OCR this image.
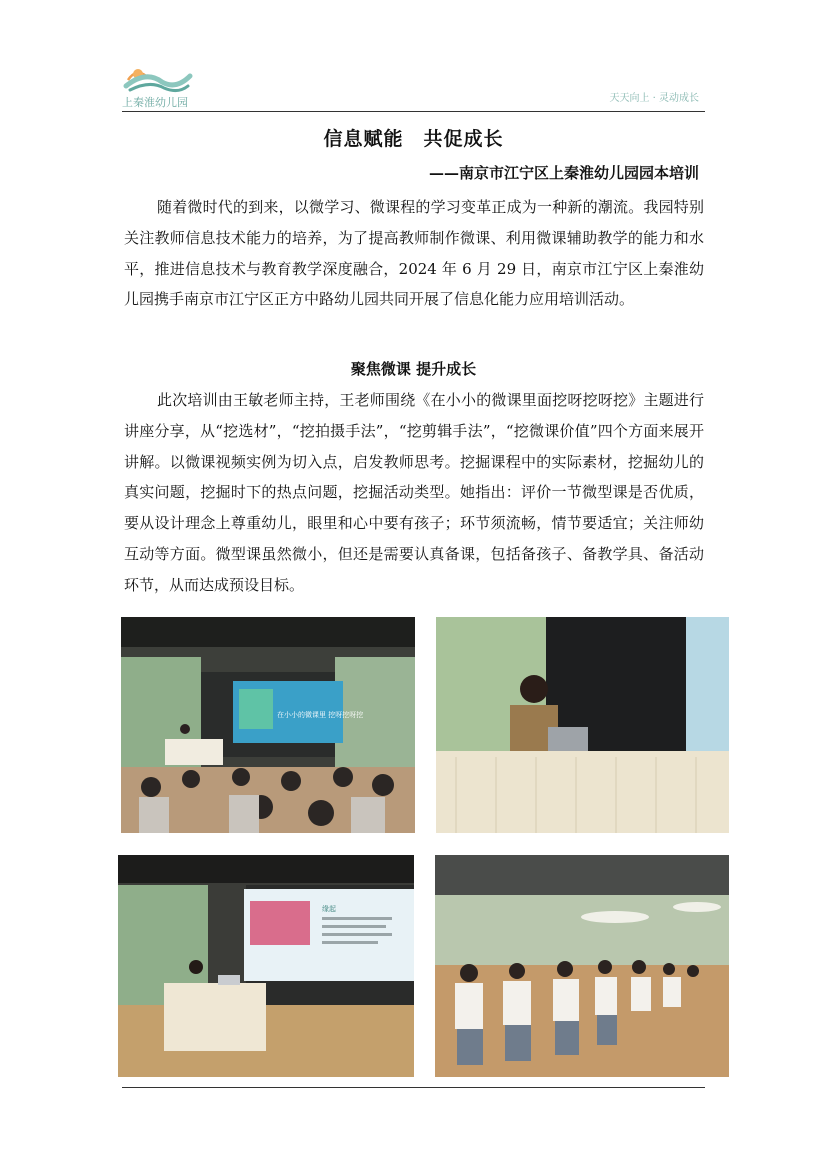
上秦淮幼儿园	天天向上 · 灵动成长
信息赋能　共促成长
——南京市江宁区上秦淮幼儿园园本培训

随着微时代的到来，以微学习、微课程的学习变革正成为一种新的潮流。我园特别关注教师信息技术能力的培养，为了提高教师制作微课、利用微课辅助教学的能力和水平，推进信息技术与教育教学深度融合，2024 年 6 月 29 日，南京市江宁区上秦淮幼儿园携手南京市江宁区正方中路幼儿园共同开展了信息化能力应用培训活动。

聚焦微课 提升成长

此次培训由王敏老师主持，王老师围绕《在小小的微课里面挖呀挖呀挖》主题进行讲座分享，从“挖选材”，“挖拍摄手法”，“挖剪辑手法”，“挖微课价值”四个方面来展开讲解。以微课视频实例为切入点，启发教师思考。挖掘课程中的实际素材，挖掘幼儿的真实问题，挖掘时下的热点问题，挖掘活动类型。她指出：评价一节微型课是否优质，要从设计理念上尊重幼儿，眼里和心中要有孩子；环节须流畅，情节要适宜；关注师幼互动等方面。微型课虽然微小，但还是需要认真备课，包括备孩子、备教学具、备活动环节，从而达成预设目标。

在小小的微课里 挖呀挖呀挖
缘起
